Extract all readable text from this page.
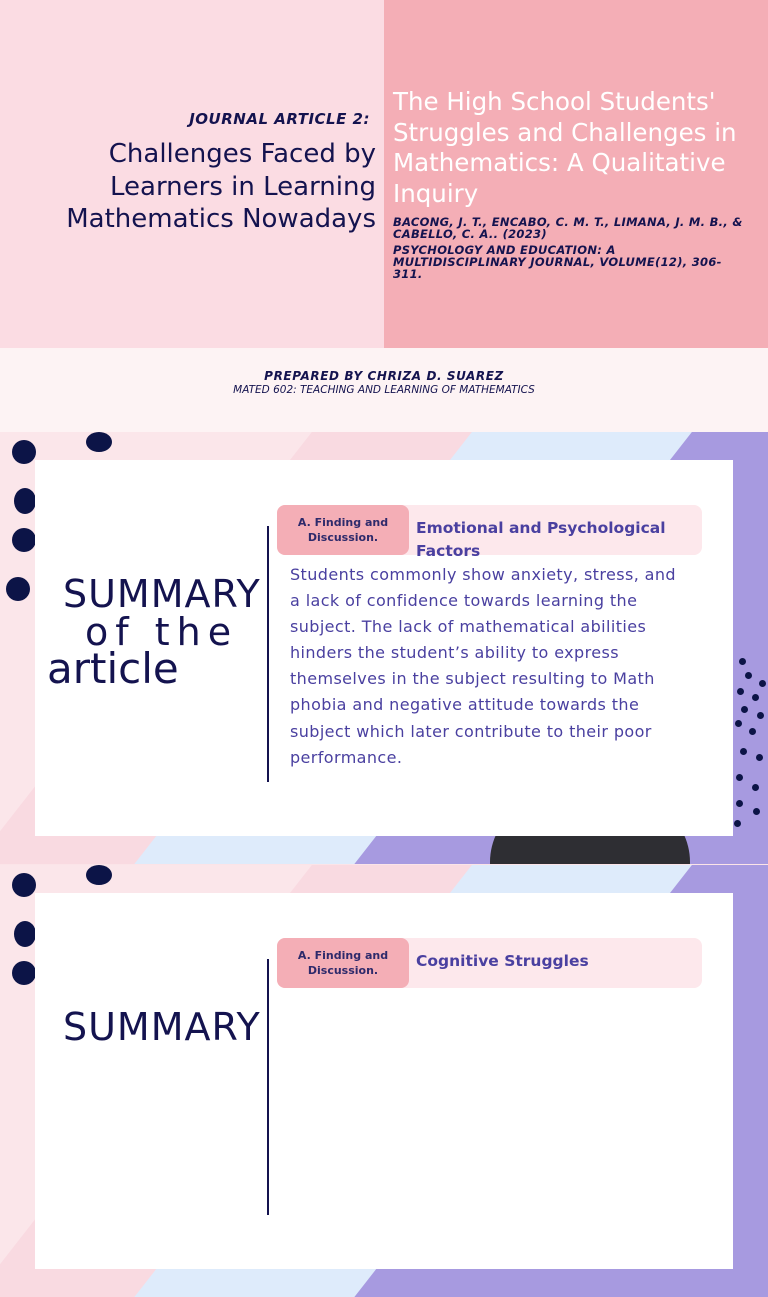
JOURNAL ARTICLE 2:
Challenges Faced by Learners in Learning Mathematics Nowadays
The High School Students' Struggles and Challenges in Mathematics: A Qualitative Inquiry
BACONG, J. T., ENCABO, C. M. T., LIMANA, J. M. B., & CABELLO, C. A.. (2023)
PSYCHOLOGY AND EDUCATION: A MULTIDISCIPLINARY JOURNAL, VOLUME(12), 306-311.
PREPARED BY CHRIZA D. SUAREZ
MATED 602: TEACHING AND LEARNING OF MATHEMATICS
SUMMARY
of the
article
A. Finding and Discussion.
Emotional and Psychological Factors
Students commonly show anxiety, stress, and a lack of confidence towards learning the subject. The lack of mathematical abilities hinders the student’s ability to express themselves in the subject resulting to Math phobia and negative attitude towards the subject which later contribute to their poor performance.
SUMMARY
A. Finding and Discussion.
Cognitive Struggles
